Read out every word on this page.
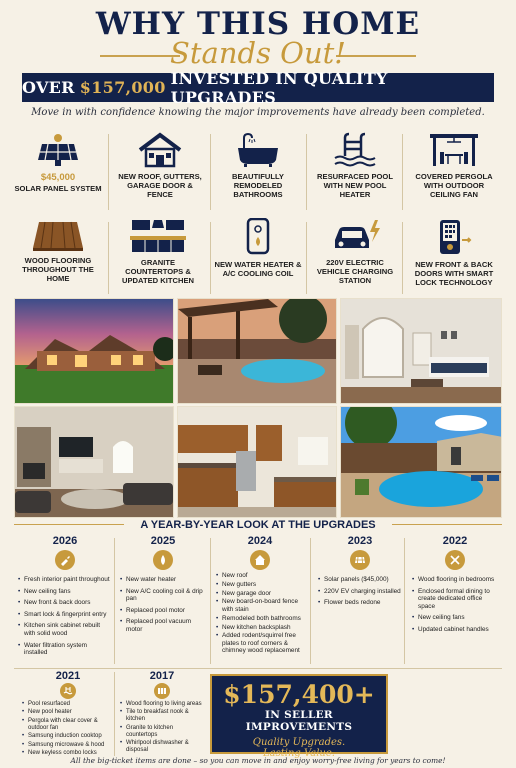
WHY THIS HOME
Stands Out!
OVER $157,000 INVESTED IN QUALITY UPGRADES
Move in with confidence knowing the major improvements have already been completed.
$45,000
SOLAR PANEL SYSTEM
NEW ROOF, GUTTERS, GARAGE DOOR & FENCE
BEAUTIFULLY REMODELED BATHROOMS
RESURFACED POOL WITH NEW POOL HEATER
COVERED PERGOLA WITH OUTDOOR CEILING FAN
WOOD FLOORING THROUGHOUT THE HOME
GRANITE COUNTERTOPS & UPDATED KITCHEN
NEW WATER HEATER & A/C COOLING COIL
220V ELECTRIC VEHICLE CHARGING STATION
NEW FRONT & BACK DOORS WITH SMART LOCK TECHNOLOGY
A YEAR-BY-YEAR LOOK AT THE UPGRADES
2026
• Fresh interior paint throughout
• New ceiling fans
• New front & back doors
• Smart lock & fingerprint entry
• Kitchen sink cabinet rebuilt with solid wood
• Water filtration system installed
2025
• New water heater
• New A/C cooling coil & drip pan
• Replaced pool motor
• Replaced pool vacuum motor
2024
• New roof
• New gutters
• New garage door
• New board-on-board fence with stain
• Remodeled both bathrooms
• New kitchen backsplash
• Added rodent/squirrel free plates to roof corners & chimney wood replacement
2023
• Solar panels ($45,000)
• 220V EV charging installed
• Flower beds redone
2022
• Wood flooring in bedrooms
• Enclosed formal dining to create dedicated office space
• New ceiling fans
• Updated cabinet handles
2021
• Pool resurfaced
• New pool heater
• Pergola with clear cover & outdoor fan
• Samsung induction cooktop
• Samsung microwave & hood
• New keyless combo locks
2017
• Wood flooring to living areas
• Tile to breakfast nook & kitchen
• Granite to kitchen countertops
• Whirlpool dishwasher & disposal
$157,400+
IN SELLER IMPROVEMENTS
Quality Upgrades.
Lasting Value.
All the big-ticket items are done – so you can move in and enjoy worry-free living for years to come!
